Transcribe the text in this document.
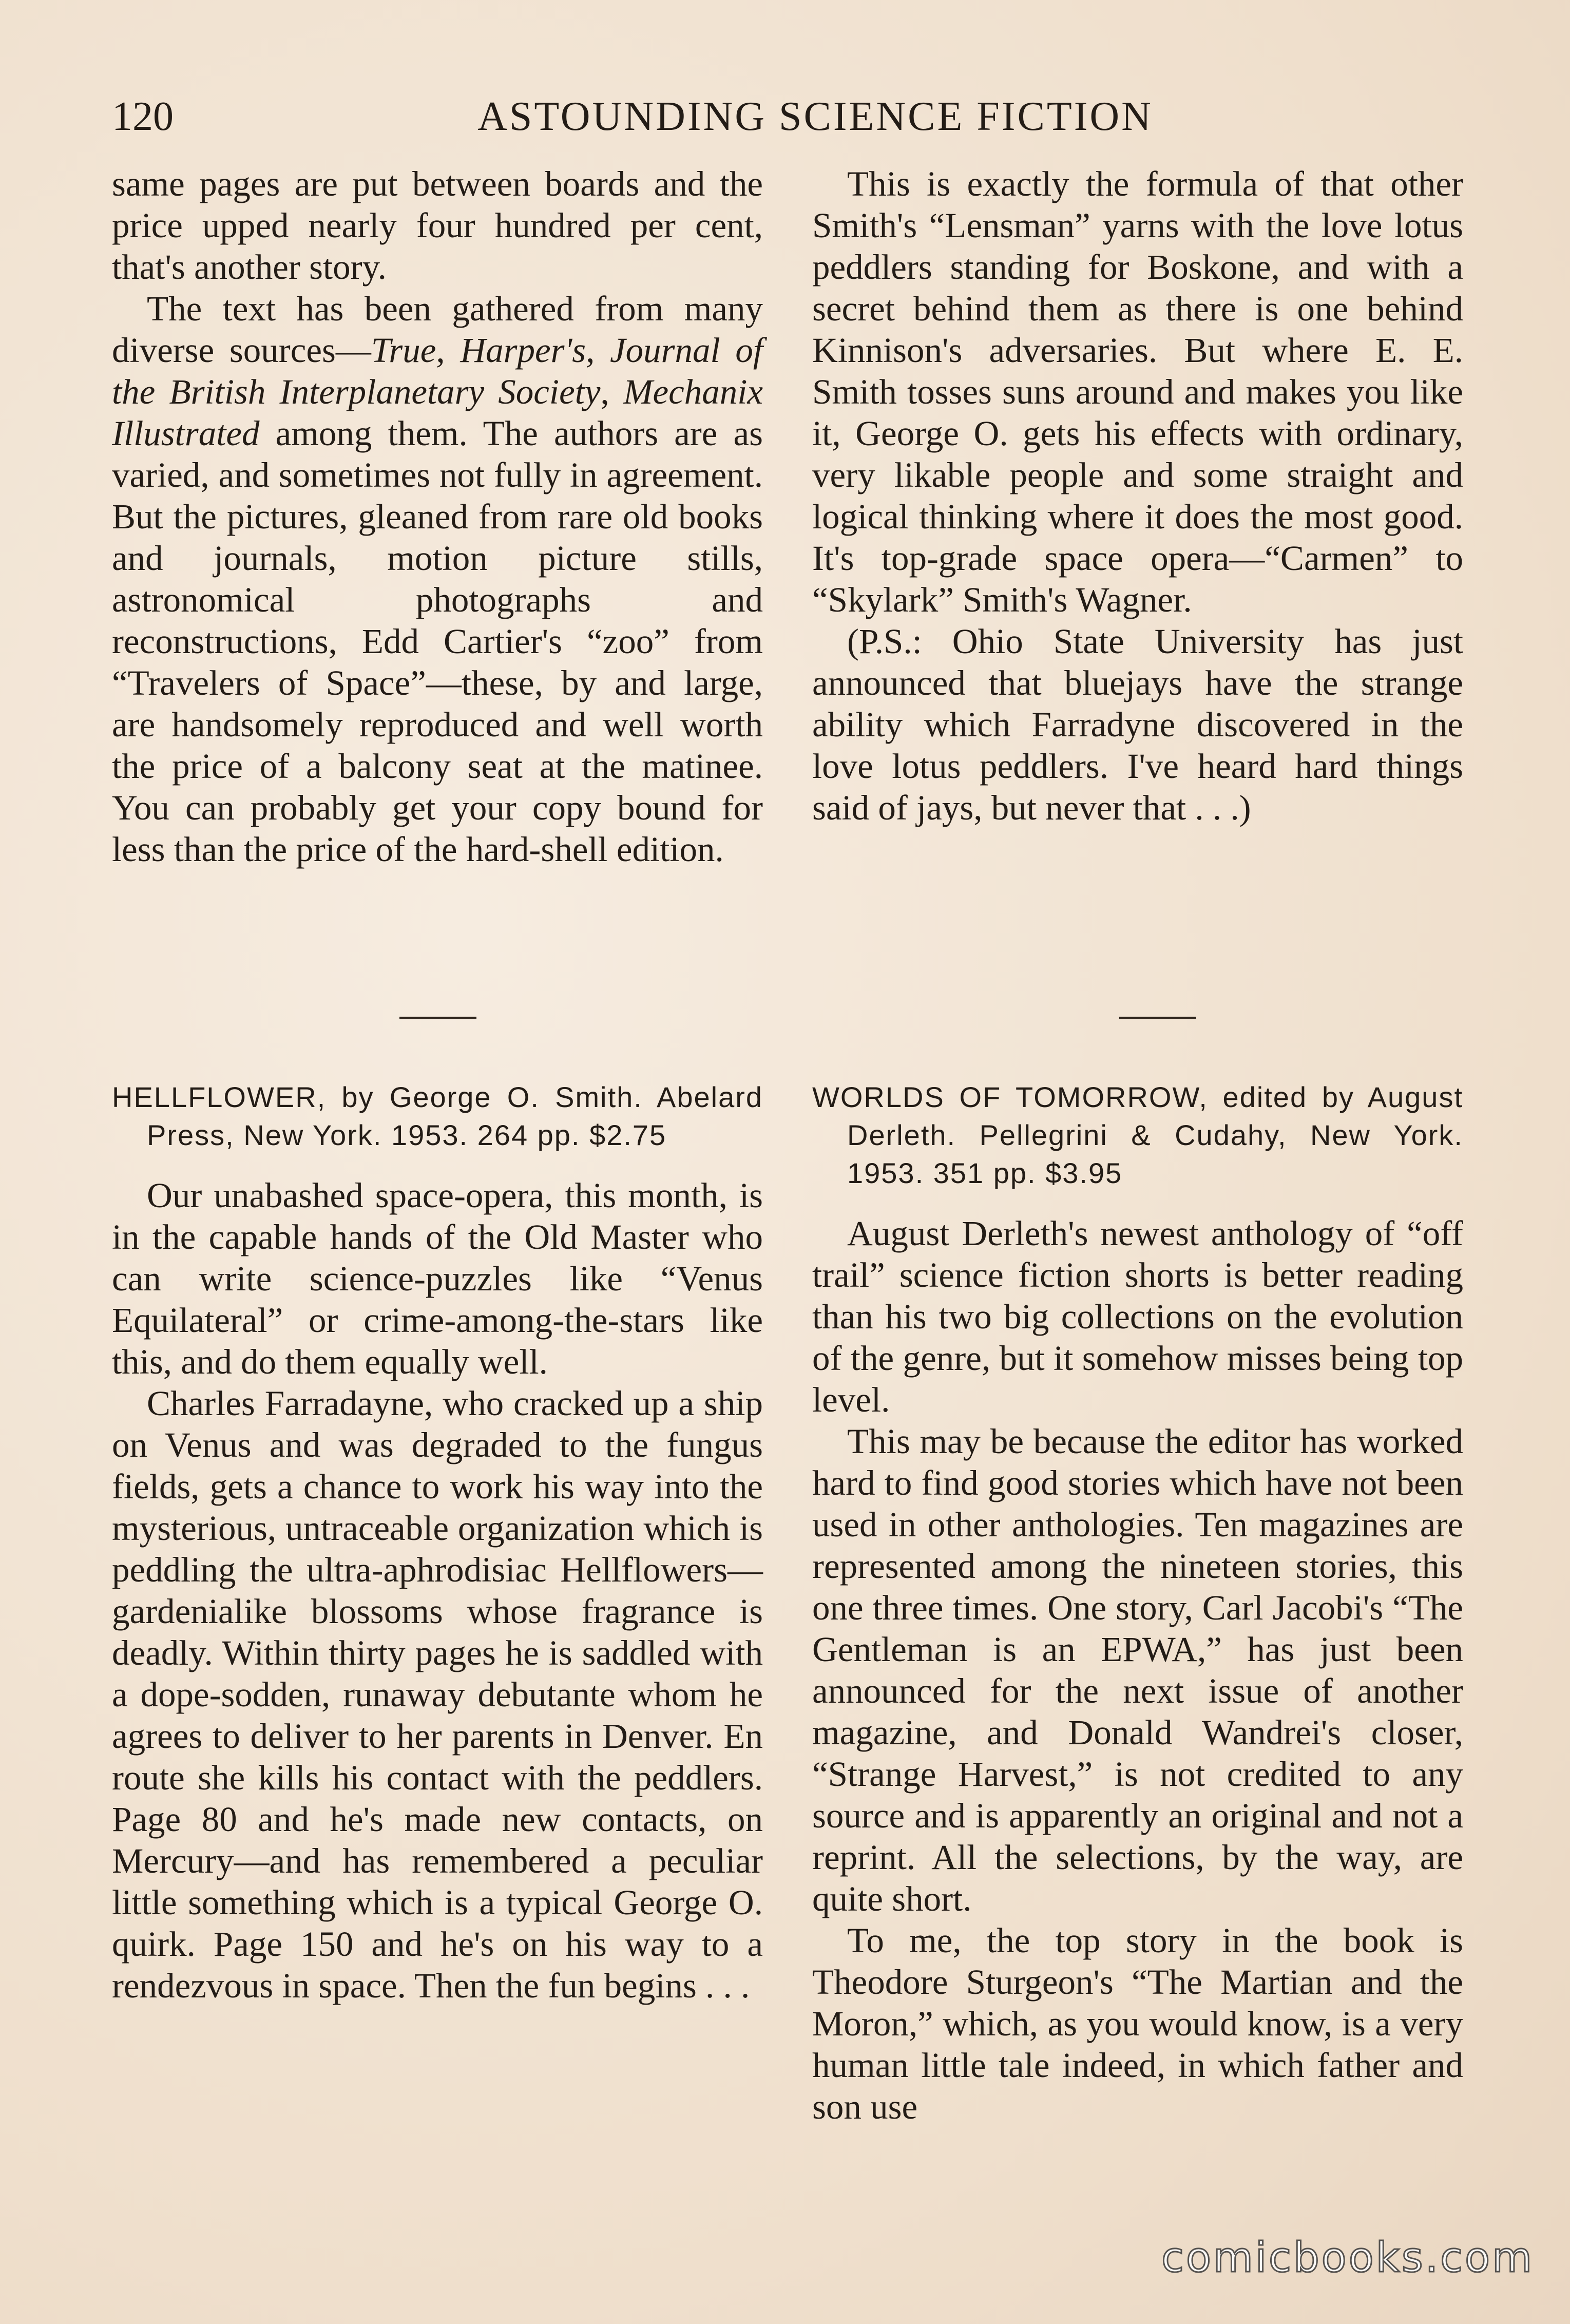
120	ASTOUNDING SCIENCE FICTION

same pages are put between boards and the price upped nearly four hundred per cent, that's another story.

The text has been gathered from many diverse sources—True, Harper's, Journal of the British Interplanetary Society, Mechanix Illustrated among them. The authors are as varied, and sometimes not fully in agreement. But the pictures, gleaned from rare old books and journals, motion picture stills, astronomical photographs and reconstructions, Edd Cartier's “zoo” from “Travelers of Space”—these, by and large, are handsomely reproduced and well worth the price of a balcony seat at the matinee. You can probably get your copy bound for less than the price of the hard-shell edition.

HELLFLOWER, by George O. Smith. Abelard Press, New York. 1953. 264 pp. $2.75

Our unabashed space-opera, this month, is in the capable hands of the Old Master who can write science-puzzles like “Venus Equilateral” or crime-among-the-stars like this, and do them equally well.

Charles Farradayne, who cracked up a ship on Venus and was degraded to the fungus fields, gets a chance to work his way into the mysterious, untraceable organization which is peddling the ultra-aphrodisiac Hellflowers—gardenialike blossoms whose fragrance is deadly. Within thirty pages he is saddled with a dope-sodden, runaway debutante whom he agrees to deliver to her parents in Denver. En route she kills his contact with the peddlers. Page 80 and he's made new contacts, on Mercury—and has remembered a peculiar little something which is a typical George O. quirk. Page 150 and he's on his way to a rendezvous in space. Then the fun begins . . .

This is exactly the formula of that other Smith's “Lensman” yarns with the love lotus peddlers standing for Boskone, and with a secret behind them as there is one behind Kinnison's adversaries. But where E. E. Smith tosses suns around and makes you like it, George O. gets his effects with ordinary, very likable people and some straight and logical thinking where it does the most good. It's top-grade space opera—“Carmen” to “Skylark” Smith's Wagner.

(P.S.: Ohio State University has just announced that bluejays have the strange ability which Farradyne discovered in the love lotus peddlers. I've heard hard things said of jays, but never that . . .)

WORLDS OF TOMORROW, edited by August Derleth. Pellegrini & Cudahy, New York. 1953. 351 pp. $3.95

August Derleth's newest anthology of “off trail” science fiction shorts is better reading than his two big collections on the evolution of the genre, but it somehow misses being top level.

This may be because the editor has worked hard to find good stories which have not been used in other anthologies. Ten magazines are represented among the nineteen stories, this one three times. One story, Carl Jacobi's “The Gentleman is an EPWA,” has just been announced for the next issue of another magazine, and Donald Wandrei's closer, “Strange Harvest,” is not credited to any source and is apparently an original and not a reprint. All the selections, by the way, are quite short.

To me, the top story in the book is Theodore Sturgeon's “The Martian and the Moron,” which, as you would know, is a very human little tale indeed, in which father and son use

comicbooks.com
